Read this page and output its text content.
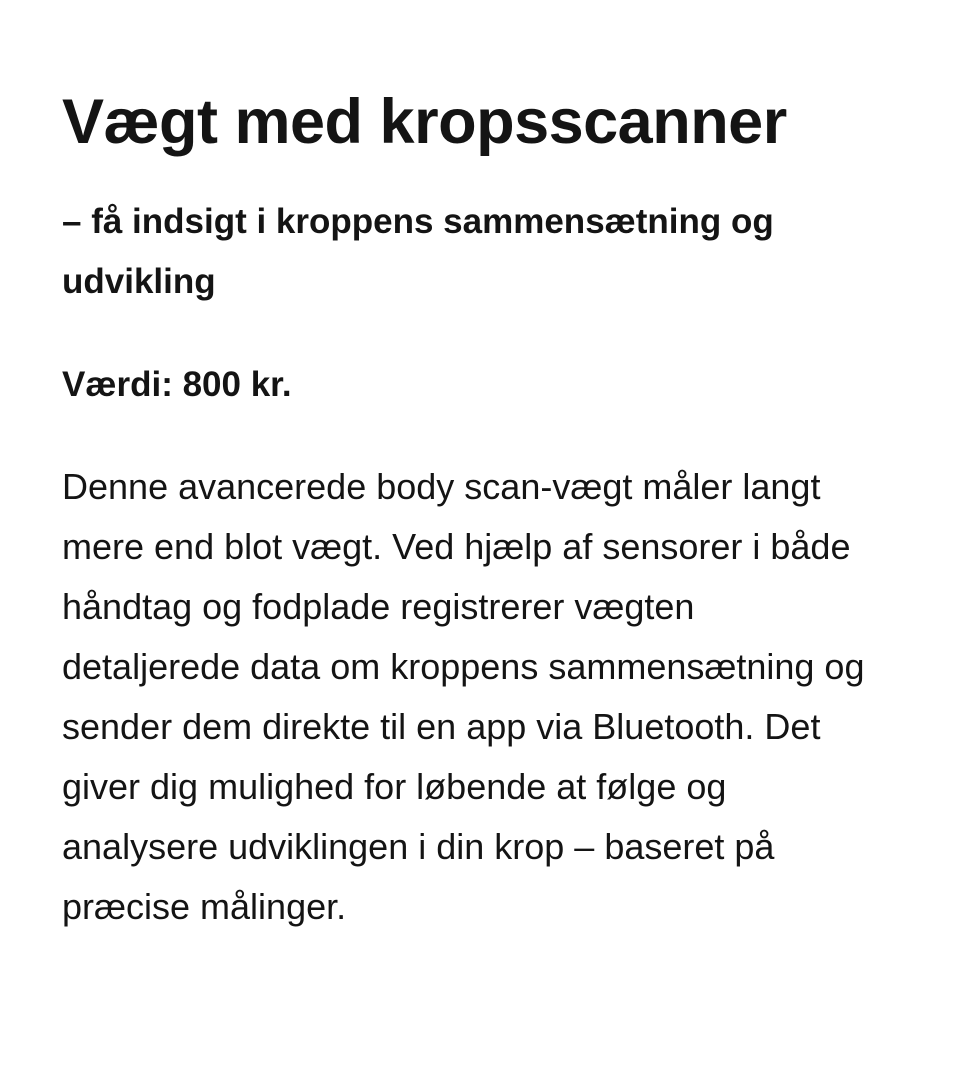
Vægt med kropsscanner

– få indsigt i kroppens sammensætning og udvikling

Værdi: 800 kr.

Denne avancerede body scan-vægt måler langt mere end blot vægt. Ved hjælp af sensorer i både håndtag og fodplade registrerer vægten detaljerede data om kroppens sammensætning og sender dem direkte til en app via Bluetooth. Det giver dig mulighed for løbende at følge og analysere udviklingen i din krop – baseret på præcise målinger.
